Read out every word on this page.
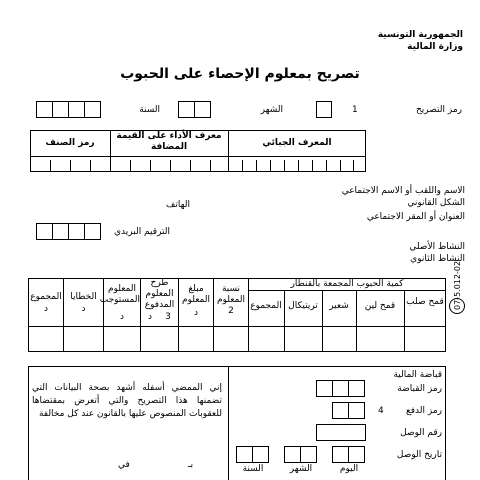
الجمهورية التونسية
وزارة المالية
تصريح بمعلوم الإحصاء على الحبوب
رمز التصريح
1
الشهر
السنة
المعرف الجبائي
معرف الأداء على القيمة المضافة
رمز الصنف
الاسم واللقب أو الاسم الاجتماعي
الشكل القانوني
الهاتف
العنوان أو المقر الاجتماعي
الترقيم البريدي
النشاط الأصلي
النشاط الثانوي
07-5.012-02
كمية الحبوب المجمعة بالقنطار
قمح صلب
قمح لين
شعير
تريتيكال
المجموع
نسبة المعلوم
2
مبلغ المعلوم
د
طرح المعلوم المدفوع
3
د
المعلوم المستوجب
د
الخطايا
د
المجموع
د
إني الممضي أسفله أشهد بصحة البيانات التي تضمنها هذا التصريح والتي أتعرض بمقتضاها للعقوبات المنصوص عليها بالقانون عند كل مخالفة
بـ
في
قباضة المالية
رمز القباضة
رمز الدفع
4
رقم الوصل
تاريخ الوصل
اليوم
الشهر
السنة
